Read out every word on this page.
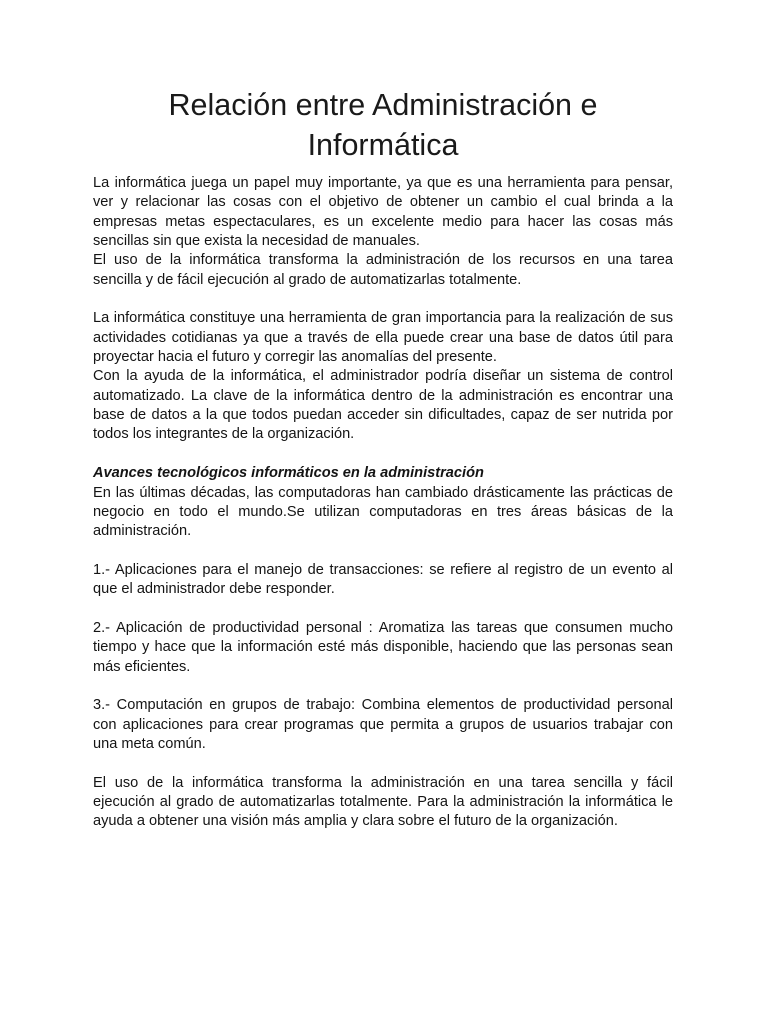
Relación entre Administración e Informática

La informática juega un papel muy importante, ya que es una herramienta para pensar, ver y relacionar las cosas con el objetivo de obtener un cambio el cual brinda a la empresas metas espectaculares, es un excelente medio para hacer las cosas más sencillas sin que exista la necesidad de manuales.

El uso de la informática transforma la administración de los recursos en una tarea sencilla y de fácil ejecución al grado de automatizarlas totalmente.

La informática constituye una herramienta de gran importancia para la realización de sus actividades cotidianas ya que a través de ella puede crear una base de datos útil para proyectar hacia el futuro y corregir las anomalías del presente.

Con la ayuda de la informática, el administrador podría diseñar un sistema de control automatizado. La clave de la informática dentro de la administración es encontrar una base de datos a la que todos puedan acceder sin dificultades, capaz de ser nutrida por todos los integrantes de la organización.

Avances tecnológicos informáticos en la administración

En las últimas décadas, las computadoras han cambiado drásticamente las prácticas de negocio en todo el mundo.Se utilizan computadoras en tres áreas básicas de la administración.

1.- Aplicaciones para el manejo de transacciones: se refiere al registro de un evento al que el administrador debe responder.

2.- Aplicación de productividad personal : Aromatiza las tareas que consumen mucho tiempo y hace que la información esté más disponible, haciendo que las personas sean más eficientes.

3.- Computación en grupos de trabajo: Combina elementos de productividad personal con aplicaciones para crear programas que permita a grupos de usuarios trabajar con una meta común.

El uso de la informática transforma la administración en una tarea sencilla y fácil ejecución al grado de automatizarlas totalmente. Para la administración la informática le ayuda a obtener una visión más amplia y clara sobre el futuro de la organización.
